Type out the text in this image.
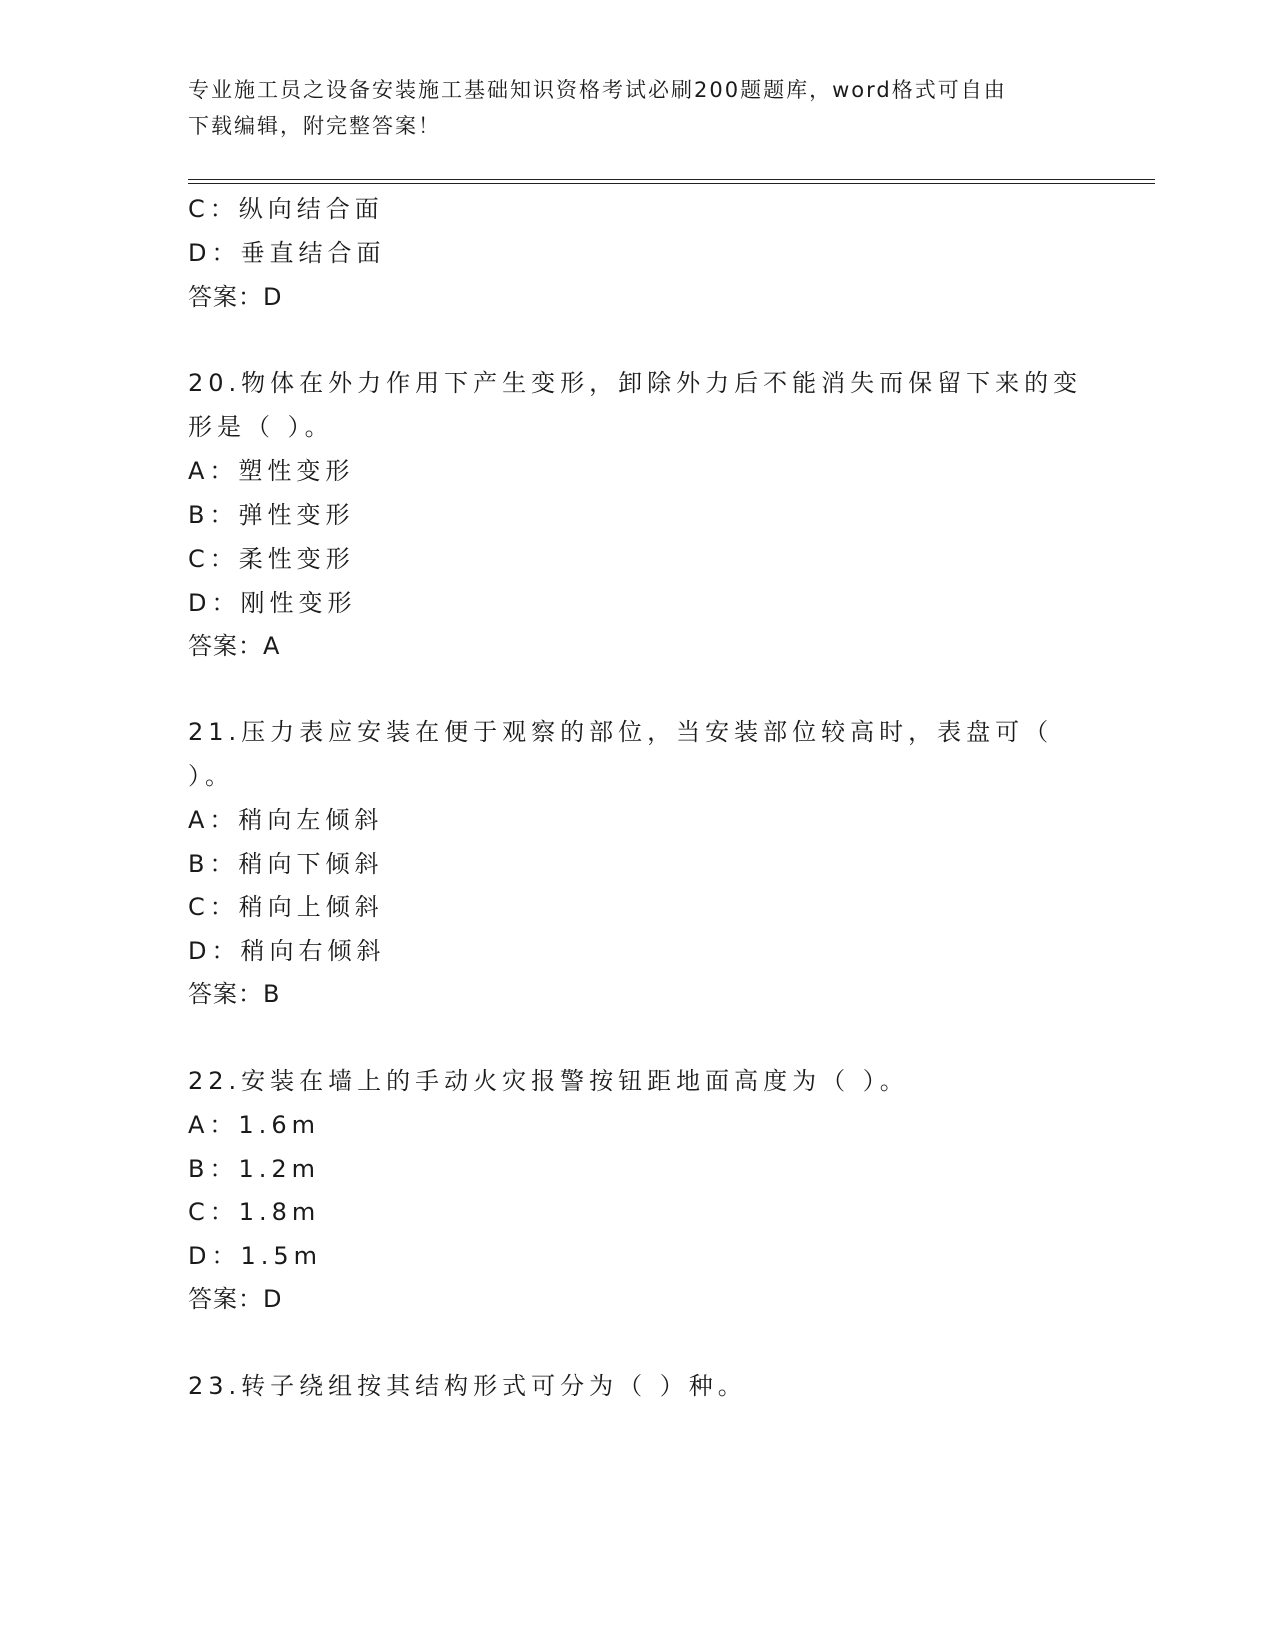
专业施工员之设备安装施工基础知识资格考试必刷200题题库，word格式可自由
下载编辑，附完整答案！
C：纵向结合面
D：垂直结合面
答案：D
20.物体在外力作用下产生变形，卸除外力后不能消失而保留下来的变
形是（ ）。
A：塑性变形
B：弹性变形
C：柔性变形
D：刚性变形
答案：A
21.压力表应安装在便于观察的部位，当安装部位较高时，表盘可（
）。
A：稍向左倾斜
B：稍向下倾斜
C：稍向上倾斜
D：稍向右倾斜
答案：B
22.安装在墙上的手动火灾报警按钮距地面高度为（ ）。
A：1.6m
B：1.2m
C：1.8m
D：1.5m
答案：D
23.转子绕组按其结构形式可分为（ ）种。
